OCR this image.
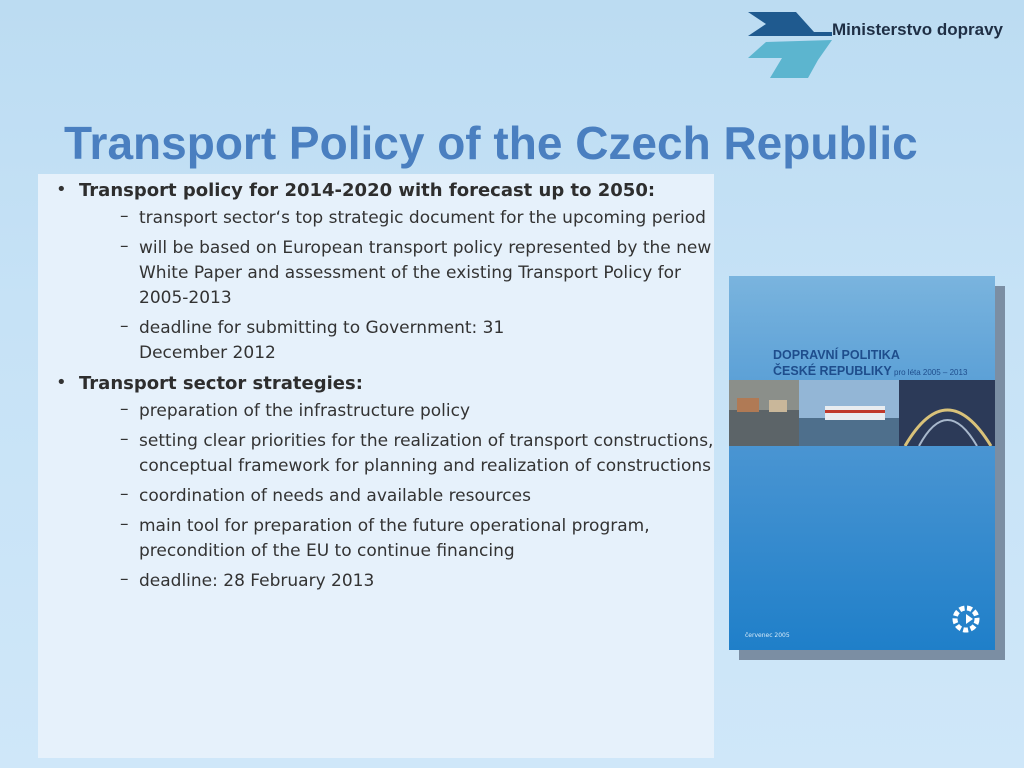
Ministerstvo dopravy
Transport Policy of the Czech Republic
• Transport policy for 2014-2020 with forecast up to 2050:
– transport sector‘s top strategic document for the upcoming period
– will be based on European transport policy represented by the new White Paper and assessment of the existing Transport Policy for 2005-2013
– deadline for submitting to Government: 31 December 2012
• Transport sector strategies:
– preparation of the infrastructure policy
– setting clear priorities for the realization of transport constructions, conceptual framework for planning and realization of constructions
– coordination of needs and available resources
– main tool for preparation of the future operational program, precondition of the EU to continue financing
– deadline: 28 February 2013
DOPRAVNÍ POLITIKA
ČESKÉ REPUBLIKY pro léta 2005 – 2013
červenec 2005
